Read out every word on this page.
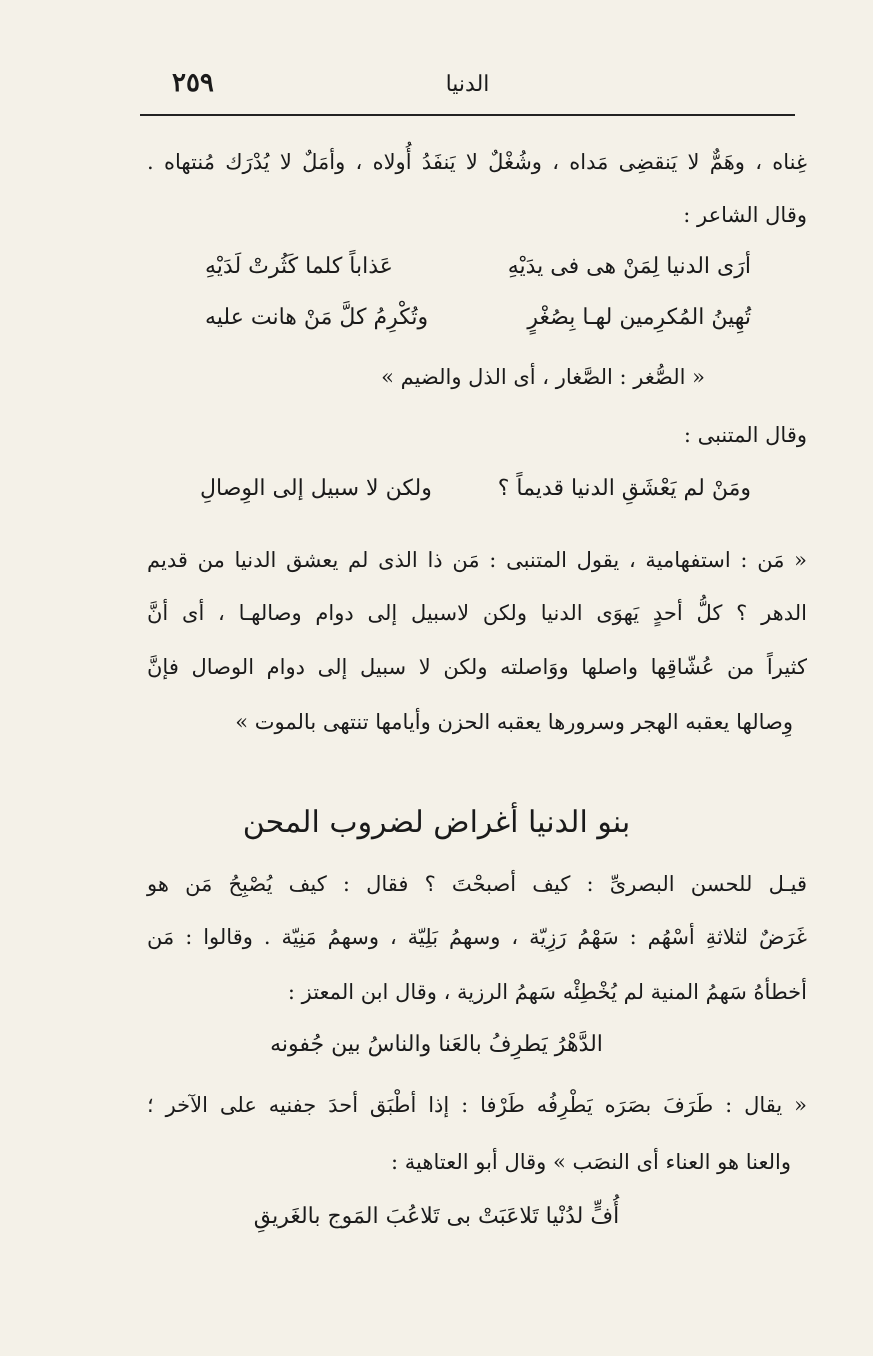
٢٥٩	الدنيا
غِناه ، وهَمٌّ لا يَنقضِى مَداه ، وشُغْلٌ لا يَنفَدُ أُولاه ، وأمَلٌ لا يُدْرَك مُنتهاه .
وقال الشاعر :
أرَى الدنيا لِمَنْ هى فى يدَيْهِ
عَذاباً كلما كَثُرتْ لَدَيْهِ
تُهِينُ المُكرِمين لهـا بِصُغْرٍ
وتُكْرِمُ كلَّ مَنْ هانت عليه
« الصُّغر : الصَّغار ، أى الذل والضيم »
وقال المتنبى :
ومَنْ لم يَعْشَقِ الدنيا قديماً ؟
ولكن لا سبيل إلى الوِصالِ
« مَن : استفهامية ، يقول المتنبى : مَن ذا الذى لم يعشق الدنيا من قديم
الدهر ؟ كلُّ أحدٍ يَهوَى الدنيا ولكن لاسبيل إلى دوام وصالهـا ، أى أنَّ
كثيراً من عُشّاقِها واصلها ووَاصلته ولكن لا سبيل إلى دوام الوصال فإنَّ
وِصالها يعقبه الهجر وسرورها يعقبه الحزن وأيامها تنتهى بالموت »
بنو الدنيا أغراض لضروب المحن
قيـل للحسن البصرىِّ : كيف أصبحْتَ ؟ فقال : كيف يُصْبِحُ مَن هو
غَرَضٌ لثلاثةِ أسْهُم : سَهْمُ رَزِيّة ، وسهمُ بَلِيّة ، وسهمُ مَنِيّة . وقالوا : مَن
أخطأهُ سَهمُ المنية لم يُخْطِئْه سَهمُ الرزية ، وقال ابن المعتز :
الدَّهْرُ يَطرِفُ بالعَنا والناسُ بين جُفونه
« يقال : طَرَفَ بصَرَه يَطْرِفُه طَرْفا : إذا أطْبَق أحدَ جفنيه على الآخر ؛
والعنا هو العناء أى النصَب » وقال أبو العتاهية :
أُفٍّ لدُنْيا تَلاعَبَتْ بى تَلاعُبَ المَوج بالغَريقِ
